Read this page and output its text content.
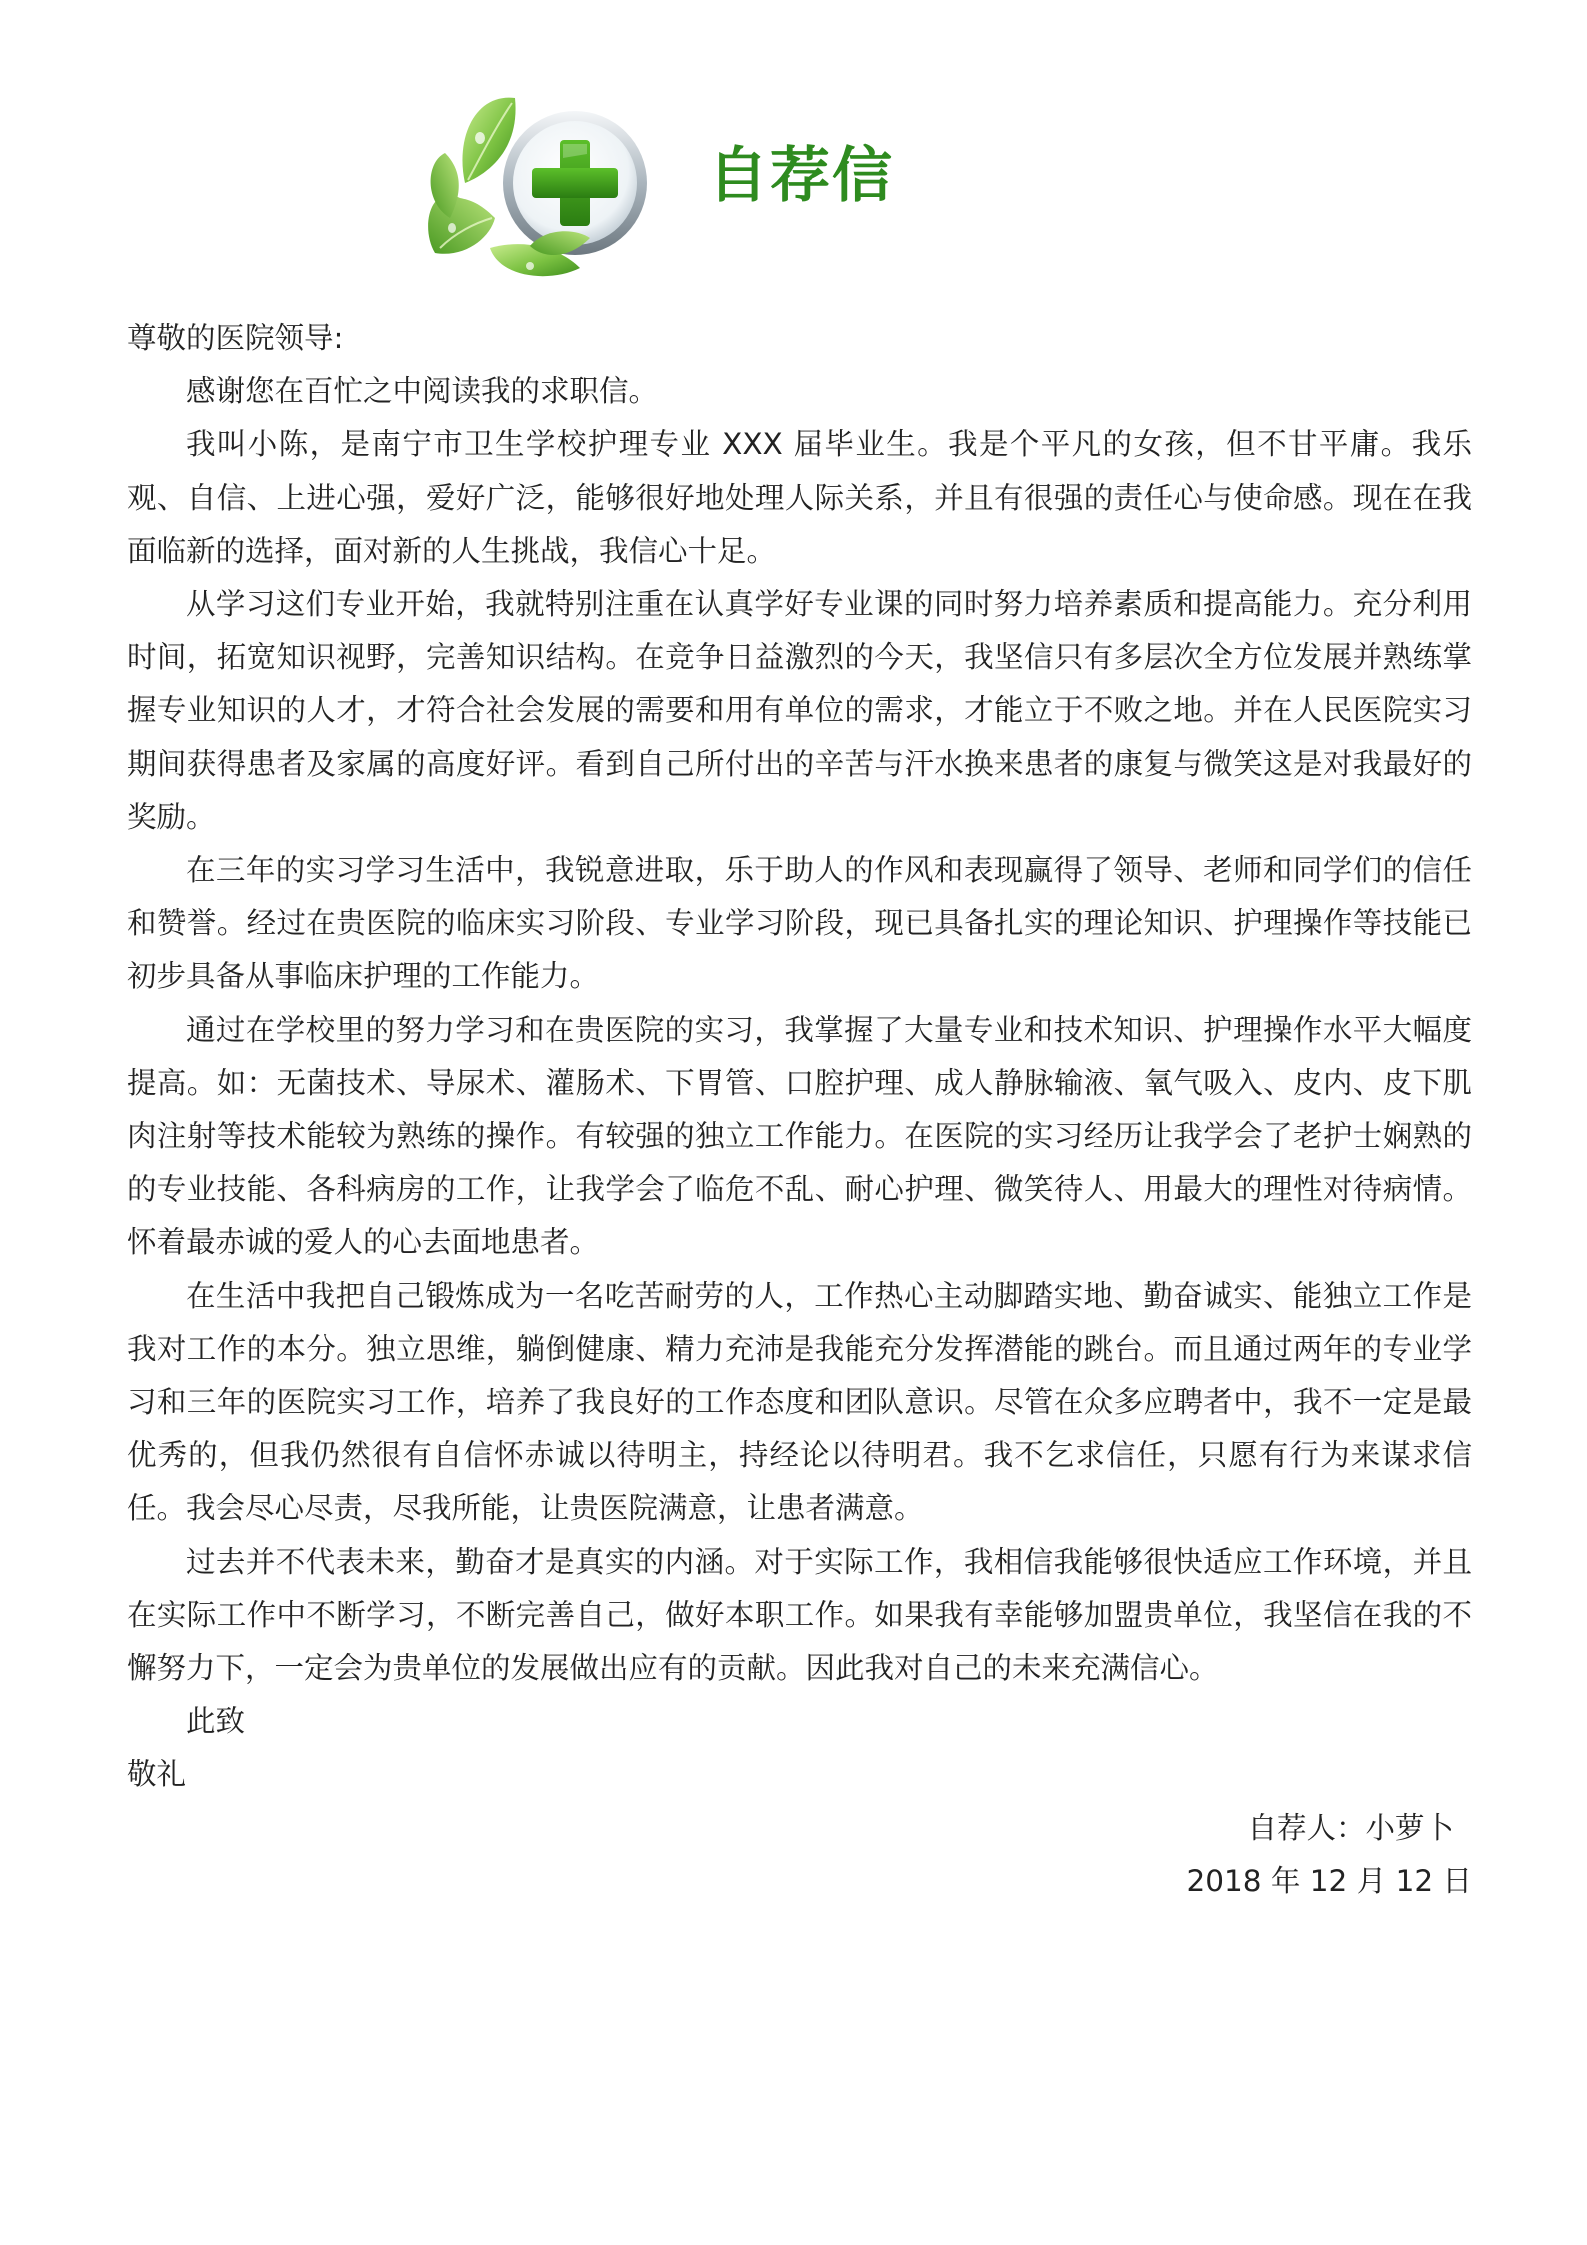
自荐信

尊敬的医院领导:

感谢您在百忙之中阅读我的求职信。

我叫小陈，是南宁市卫生学校护理专业 XXX 届毕业生。我是个平凡的女孩，但不甘平庸。我乐观、自信、上进心强，爱好广泛，能够很好地处理人际关系，并且有很强的责任心与使命感。现在在我面临新的选择，面对新的人生挑战，我信心十足。

从学习这们专业开始，我就特别注重在认真学好专业课的同时努力培养素质和提高能力。充分利用时间，拓宽知识视野，完善知识结构。在竞争日益激烈的今天，我坚信只有多层次全方位发展并熟练掌握专业知识的人才，才符合社会发展的需要和用有单位的需求，才能立于不败之地。并在人民医院实习期间获得患者及家属的高度好评。看到自己所付出的辛苦与汗水换来患者的康复与微笑这是对我最好的奖励。

在三年的实习学习生活中，我锐意进取，乐于助人的作风和表现赢得了领导、老师和同学们的信任和赞誉。经过在贵医院的临床实习阶段、专业学习阶段，现已具备扎实的理论知识、护理操作等技能已初步具备从事临床护理的工作能力。

通过在学校里的努力学习和在贵医院的实习，我掌握了大量专业和技术知识、护理操作水平大幅度提高。如：无菌技术、导尿术、灌肠术、下胃管、口腔护理、成人静脉输液、氧气吸入、皮内、皮下肌肉注射等技术能较为熟练的操作。有较强的独立工作能力。在医院的实习经历让我学会了老护士娴熟的的专业技能、各科病房的工作，让我学会了临危不乱、耐心护理、微笑待人、用最大的理性对待病情。怀着最赤诚的爱人的心去面地患者。

在生活中我把自己锻炼成为一名吃苦耐劳的人，工作热心主动脚踏实地、勤奋诚实、能独立工作是我对工作的本分。独立思维，躺倒健康、精力充沛是我能充分发挥潜能的跳台。而且通过两年的专业学习和三年的医院实习工作，培养了我良好的工作态度和团队意识。尽管在众多应聘者中，我不一定是最优秀的，但我仍然很有自信怀赤诚以待明主，持经论以待明君。我不乞求信任，只愿有行为来谋求信任。我会尽心尽责，尽我所能，让贵医院满意，让患者满意。

过去并不代表未来，勤奋才是真实的内涵。对于实际工作，我相信我能够很快适应工作环境，并且在实际工作中不断学习，不断完善自己，做好本职工作。如果我有幸能够加盟贵单位，我坚信在我的不懈努力下，一定会为贵单位的发展做出应有的贡献。因此我对自己的未来充满信心。

此致

敬礼

自荐人：小萝卜

2018 年 12 月 12 日
